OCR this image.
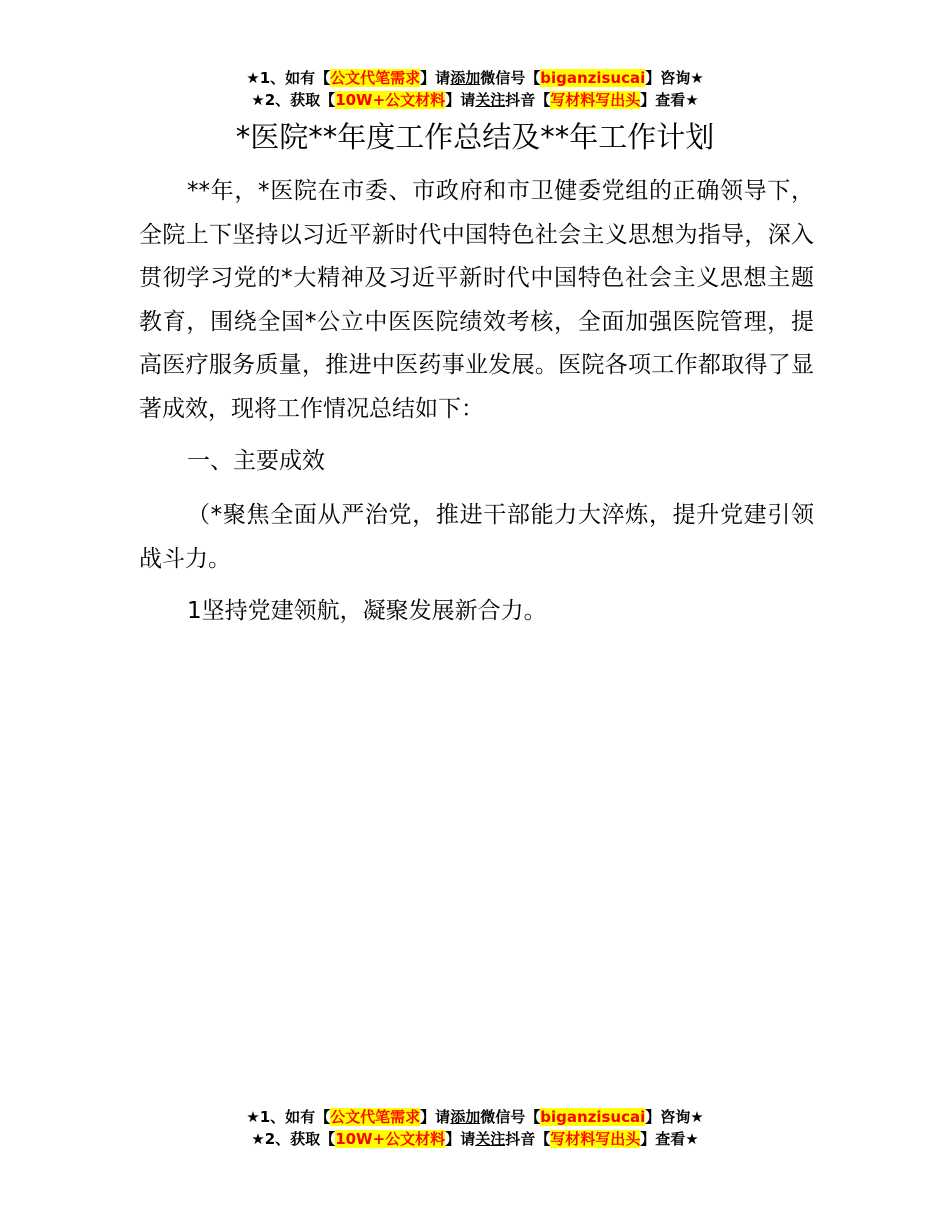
★1、如有【公文代笔需求】请添加微信号【biganzisucai】咨询★
★2、获取【10W+公文材料】请关注抖音【写材料写出头】查看★
*医院**年度工作总结及**年工作计划
**年，*医院在市委、市政府和市卫健委党组的正确领导下，全院上下坚持以习近平新时代中国特色社会主义思想为指导，深入贯彻学习党的*大精神及习近平新时代中国特色社会主义思想主题教育，围绕全国*公立中医医院绩效考核，全面加强医院管理，提高医疗服务质量，推进中医药事业发展。医院各项工作都取得了显著成效，现将工作情况总结如下：
一、主要成效
（*聚焦全面从严治党，推进干部能力大淬炼，提升党建引领战斗力。
1坚持党建领航，凝聚发展新合力。
★1、如有【公文代笔需求】请添加微信号【biganzisucai】咨询★
★2、获取【10W+公文材料】请关注抖音【写材料写出头】查看★
